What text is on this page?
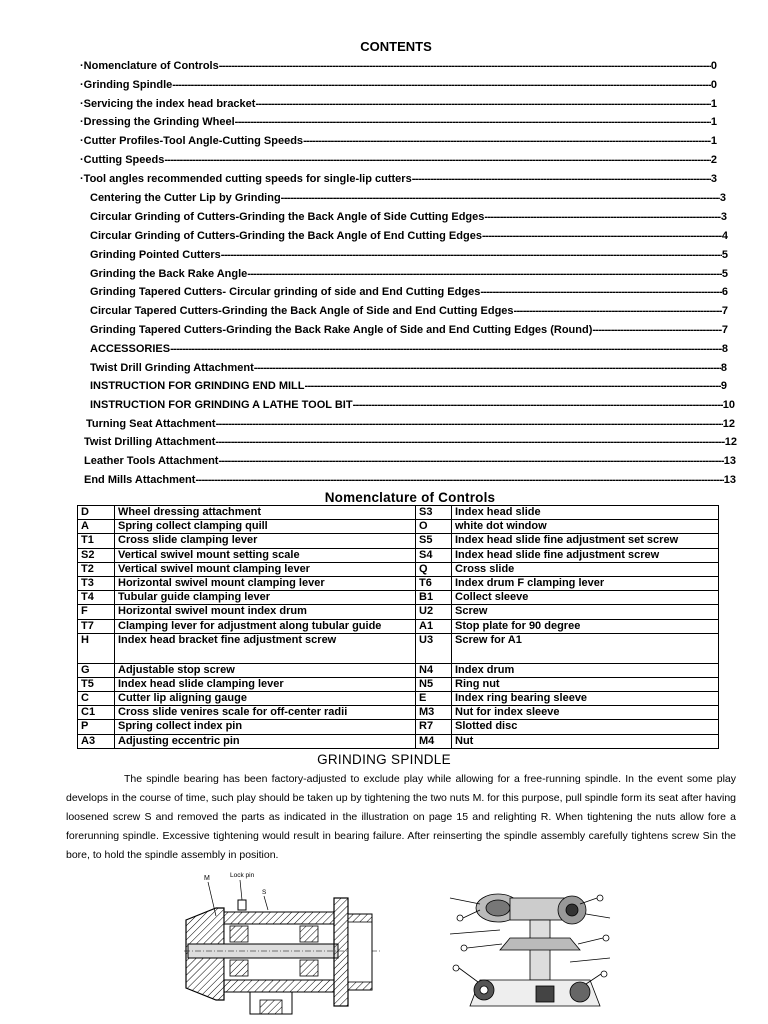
CONTENTS
·Nomenclature of Controls -----	0
·Grinding Spindle -----	0
·Servicing the index head bracket -----	1
·Dressing the Grinding Wheel -----	1
·Cutter Profiles-Tool Angle-Cutting Speeds -----	1
·Cutting Speeds -----	2
·Tool angles recommended cutting speeds for single-lip cutters -----	3
Centering the Cutter Lip by Grinding -----	3
Circular Grinding of Cutters-Grinding the Back Angle of Side Cutting Edges -----	3
Circular Grinding of Cutters-Grinding the Back Angle of End Cutting Edges -----	4
Grinding Pointed Cutters -----	5
Grinding the Back Rake Angle -----	5
Grinding Tapered Cutters- Circular grinding of side and End Cutting Edges -----	6
Circular Tapered Cutters-Grinding the Back Angle of Side and End Cutting Edges -----	7
Grinding Tapered Cutters-Grinding the Back Rake Angle of Side and End Cutting Edges (Round) -----	7
ACCESSORIES -----	8
Twist Drill Grinding Attachment -----	8
INSTRUCTION FOR GRINDING END MILL -----	9
INSTRUCTION FOR GRINDING A LATHE TOOL BIT -----	10
Turning Seat Attachment -----	12
Twist Drilling Attachment -----	12
Leather Tools Attachment -----	13
End Mills Attachment -----	13
Nomenclature of Controls
D	Wheel dressing attachment	S3	Index head slide
A	Spring collect clamping quill	O	white dot window
T1	Cross slide clamping lever	S5	Index head slide fine adjustment set screw
S2	Vertical swivel mount setting scale	S4	Index head slide fine adjustment screw
T2	Vertical swivel mount clamping lever	Q	Cross slide
T3	Horizontal swivel mount clamping lever	T6	Index drum F clamping lever
T4	Tubular guide clamping lever	B1	Collect sleeve
F	Horizontal swivel mount index drum	U2	Screw
T7	Clamping lever for adjustment along tubular guide	A1	Stop plate for 90 degree
H	Index head bracket fine adjustment screw	U3	Screw for A1
G	Adjustable stop screw	N4	Index drum
T5	Index head slide clamping lever	N5	Ring nut
C	Cutter lip aligning gauge	E	Index ring bearing sleeve
C1	Cross slide venires scale for off-center radii	M3	Nut for index sleeve
P	Spring collect index pin	R7	Slotted disc
A3	Adjusting eccentric pin	M4	Nut
GRINDING SPINDLE
The spindle bearing has been factory-adjusted to exclude play while allowing for a free-running spindle. In the event some play develops in the course of time, such play should be taken up by tightening the two nuts M. for this purpose, pull spindle form its seat after having loosened screw S and removed the parts as indicated in the illustration on page 15 and relighting R. When tightening the nuts allow fore a forerunning spindle. Excessive tightening would result in bearing failure. After reinserting the spindle assembly carefully tightens screw Sin the bore, to hold the spindle assembly in position.
M	Lock pin
S
